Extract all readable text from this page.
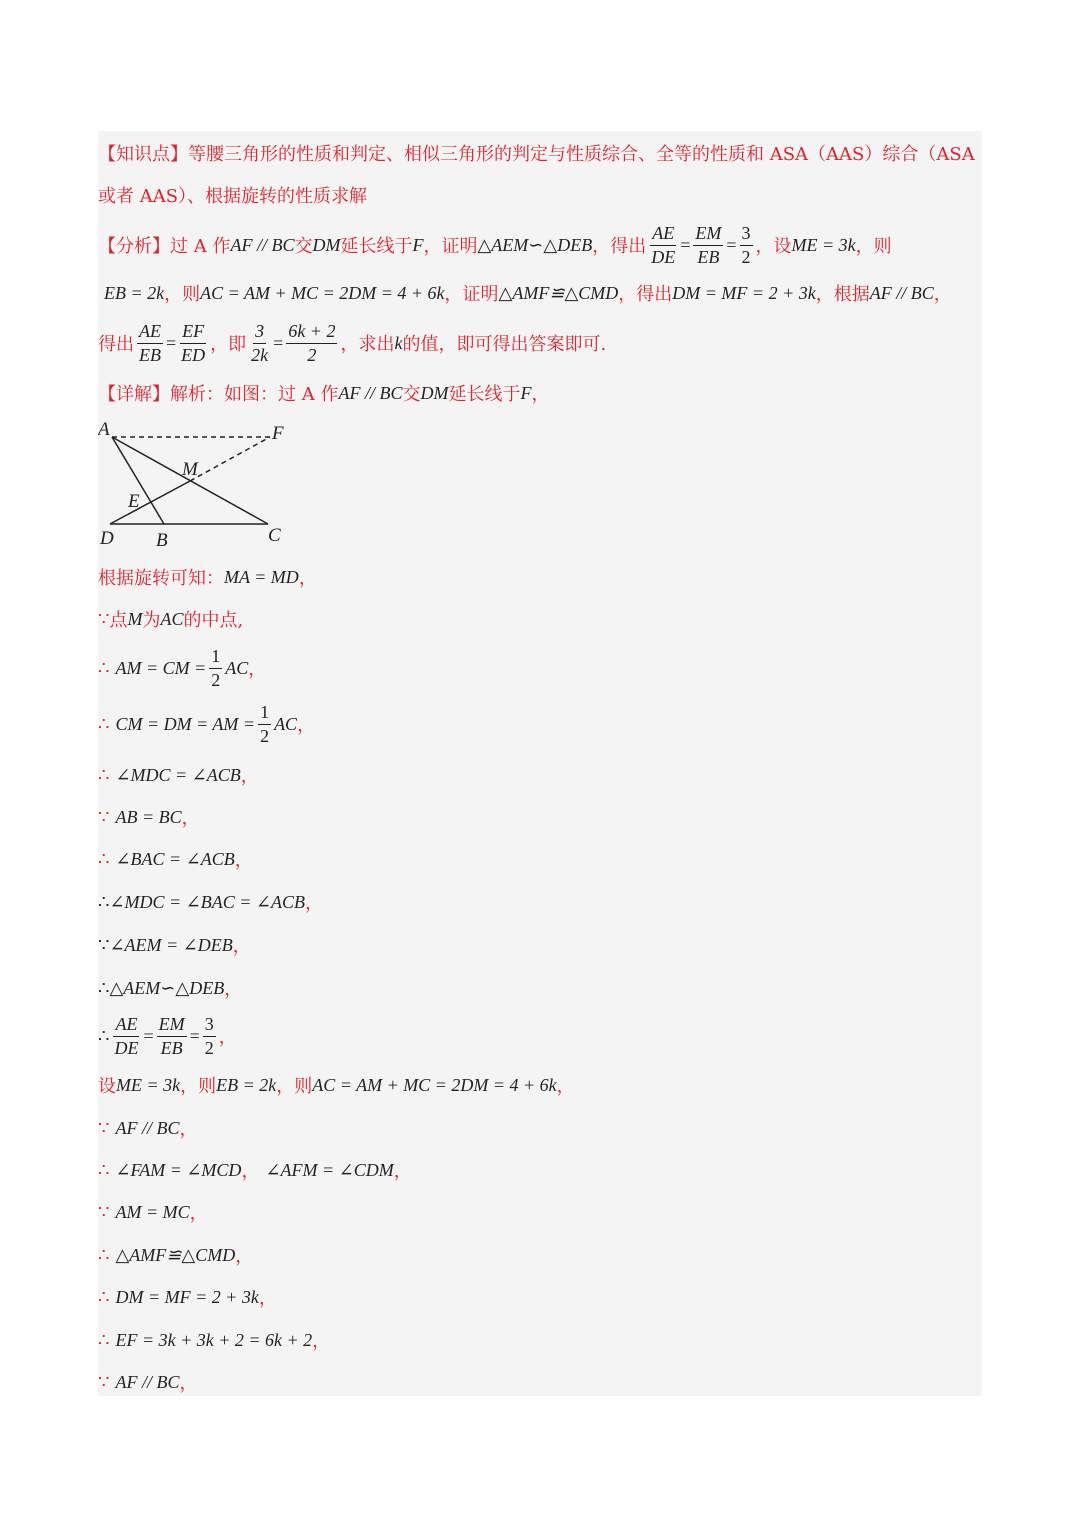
【知识点】 等腰三角形的性质和判定、相似三角形的判定与性质综合、全等的性质和 ASA（AAS）综合（ASA
或者 AAS）、根据旋转的性质求解
【分析】 过 A 作 AF // BC 交 DM 延长线于 F ，证明 △AEM∽△DEB ，得出 $\frac{AE}{DE} = \frac{EM}{EB} = \frac{3}{2}$ ，设 ME = 3k ，则
EB = 2k ，则 AC = AM + MC = 2DM = 4 + 6k ，证明 △AMF≌△CMD ，得出 DM = MF = 2 + 3k ，根据 AF // BC ，
得出 $\frac{AE}{EB} = \frac{EF}{ED}$ ，即 $\frac{3}{2k} = \frac{6k + 2}{2}$ ，求出 k 的值，即可得出答案即可.
【详解】 解析：如图：过 A 作 AF // BC 交 DM 延长线于 F ，
A	F
M
E
D B	C
根据旋转可知： MA = MD ，
∵ 点 M 为 AC 的中点,
∴ AM = CM = $\frac{1}{2}$ AC ，
∴ CM = DM = AM = $\frac{1}{2}$ AC ，
∴ ∠MDC = ∠ACB ，
∵ AB = BC ，
∴ ∠BAC = ∠ACB ，
∴ ∠MDC = ∠BAC = ∠ACB ，
∵ ∠AEM = ∠DEB ，
∴ △AEM∽△DEB ，
∴ $\frac{AE}{DE} = \frac{EM}{EB} = \frac{3}{2}$ ，
设 ME = 3k ，则 EB = 2k ，则 AC = AM + MC = 2DM = 4 + 6k ，
∵ AF // BC ，
∴ ∠FAM = ∠MCD ， ∠AFM = ∠CDM ，
∵ AM = MC ，
∴ △AMF≌△CMD ，
∴ DM = MF = 2 + 3k ，
∴ EF = 3k + 3k + 2 = 6k + 2 ，
∵ AF // BC ，
